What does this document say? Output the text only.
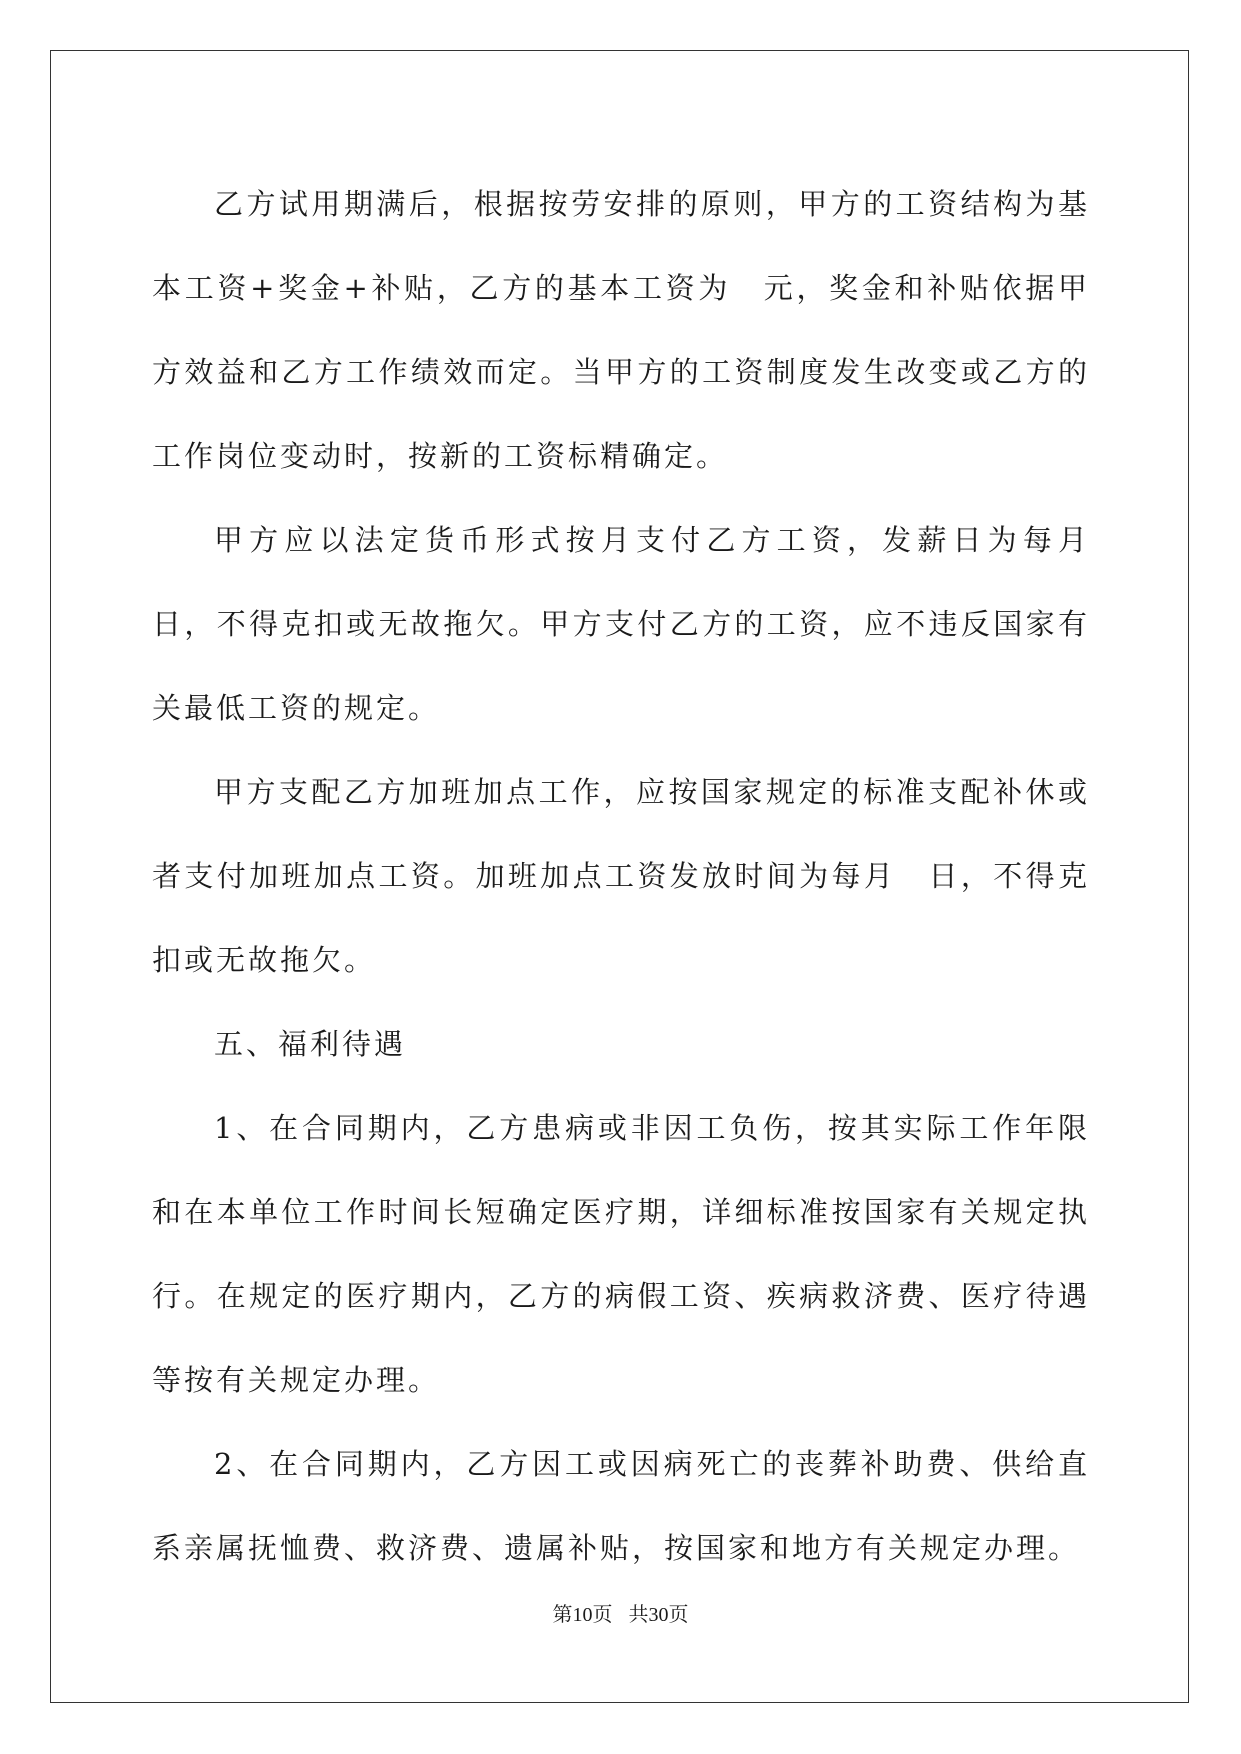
乙方试用期满后，根据按劳安排的原则，甲方的工资结构为基本工资+奖金+补贴，乙方的基本工资为　元，奖金和补贴依据甲方效益和乙方工作绩效而定。当甲方的工资制度发生改变或乙方的工作岗位变动时，按新的工资标精确定。

甲方应以法定货币形式按月支付乙方工资，发薪日为每月　日，不得克扣或无故拖欠。甲方支付乙方的工资，应不违反国家有关最低工资的规定。

甲方支配乙方加班加点工作，应按国家规定的标准支配补休或者支付加班加点工资。加班加点工资发放时间为每月　日，不得克扣或无故拖欠。

五、福利待遇

1、在合同期内，乙方患病或非因工负伤，按其实际工作年限和在本单位工作时间长短确定医疗期，详细标准按国家有关规定执行。在规定的医疗期内，乙方的病假工资、疾病救济费、医疗待遇等按有关规定办理。

2、在合同期内，乙方因工或因病死亡的丧葬补助费、供给直系亲属抚恤费、救济费、遗属补贴，按国家和地方有关规定办理。

第10页 共30页
